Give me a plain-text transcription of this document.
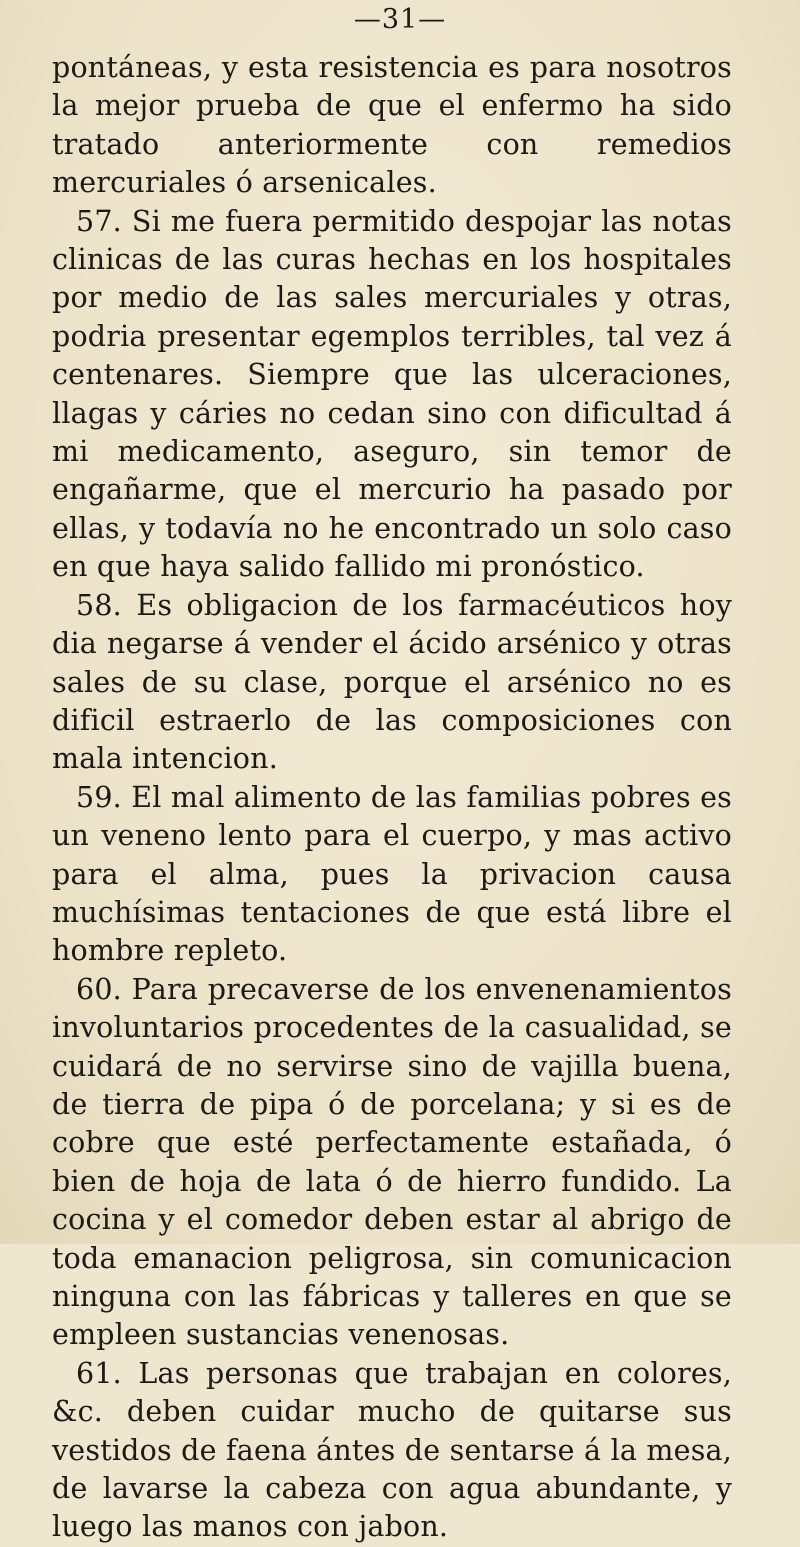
—31—

pontáneas, y esta resistencia es para nosotros la mejor prueba de que el enfermo ha sido tratado anteriormente con remedios mercuriales ó arsenicales.

57. Si me fuera permitido despojar las notas clinicas de las curas hechas en los hospitales por medio de las sales mercuriales y otras, podria presentar egemplos terribles, tal vez á centenares. Siempre que las ulceraciones, llagas y cáries no cedan sino con dificultad á mi medicamento, aseguro, sin temor de engañarme, que el mercurio ha pasado por ellas, y todavía no he encontrado un solo caso en que haya salido fallido mi pronóstico.

58. Es obligacion de los farmacéuticos hoy dia negarse á vender el ácido arsénico y otras sales de su clase, porque el arsénico no es dificil estraerlo de las composiciones con mala intencion.

59. El mal alimento de las familias pobres es un veneno lento para el cuerpo, y mas activo para el alma, pues la privacion causa muchísimas tentaciones de que está libre el hombre repleto.

60. Para precaverse de los envenenamientos involuntarios procedentes de la casualidad, se cuidará de no servirse sino de vajilla buena, de tierra de pipa ó de porcelana; y si es de cobre que esté perfectamente estañada, ó bien de hoja de lata ó de hierro fundido. La cocina y el comedor deben estar al abrigo de toda emanacion peligrosa, sin comunicacion ninguna con las fábricas y talleres en que se empleen sustancias venenosas.

61. Las personas que trabajan en colores, &c. deben cuidar mucho de quitarse sus vestidos de faena ántes de sentarse á la mesa, de lavarse la cabeza con agua abundante, y luego las manos con jabon.
